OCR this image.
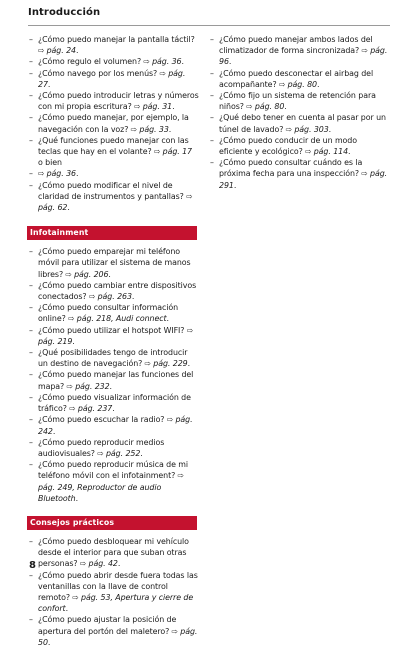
Introducción

– ¿Cómo puedo manejar la pantalla táctil? ⇨ pág. 24.

– ¿Cómo regulo el volumen? ⇨ pág. 36.

– ¿Cómo navego por los menús? ⇨ pág. 27.

– ¿Cómo puedo introducir letras y números con mi propia escritura? ⇨ pág. 31.

– ¿Cómo puedo manejar, por ejemplo, la navegación con la voz? ⇨ pág. 33.

– ¿Qué funciones puedo manejar con las teclas que hay en el volante? ⇨ pág. 17 o bien

– ⇨ pág. 36.

– ¿Cómo puedo modificar el nivel de claridad de instrumentos y pantallas? ⇨ pág. 62.

Infotainment

– ¿Cómo puedo emparejar mi teléfono móvil para utilizar el sistema de manos libres? ⇨ pág. 206.

– ¿Cómo puedo cambiar entre dispositivos conectados? ⇨ pág. 263.

– ¿Cómo puedo consultar información online? ⇨ pág. 218, Audi connect.

– ¿Cómo puedo utilizar el hotspot WIFI? ⇨ pág. 219.

– ¿Qué posibilidades tengo de introducir un destino de navegación? ⇨ pág. 229.

– ¿Cómo puedo manejar las funciones del mapa? ⇨ pág. 232.

– ¿Cómo puedo visualizar información de tráfico? ⇨ pág. 237.

– ¿Cómo puedo escuchar la radio? ⇨ pág. 242.

– ¿Cómo puedo reproducir medios audiovisuales? ⇨ pág. 252.

– ¿Cómo puedo reproducir música de mi teléfono móvil con el infotainment? ⇨ pág. 249, Reproductor de audio Bluetooth.

Consejos prácticos

– ¿Cómo puedo desbloquear mi vehículo desde el interior para que suban otras personas? ⇨ pág. 42.

– ¿Cómo puedo abrir desde fuera todas las ventanillas con la llave de control remoto? ⇨ pág. 53, Apertura y cierre de confort.

– ¿Cómo puedo ajustar la posición de apertura del portón del maletero? ⇨ pág. 50.

– ¿Cómo puedo manejar ambos lados del climatizador de forma sincronizada? ⇨ pág. 96.

– ¿Cómo puedo desconectar el airbag del acompañante? ⇨ pág. 80.

– ¿Cómo fijo un sistema de retención para niños? ⇨ pág. 80.

– ¿Qué debo tener en cuenta al pasar por un túnel de lavado? ⇨ pág. 303.

– ¿Cómo puedo conducir de un modo eficiente y ecológico? ⇨ pág. 114.

– ¿Cómo puedo consultar cuándo es la próxima fecha para una inspección? ⇨ pág. 291.

8
